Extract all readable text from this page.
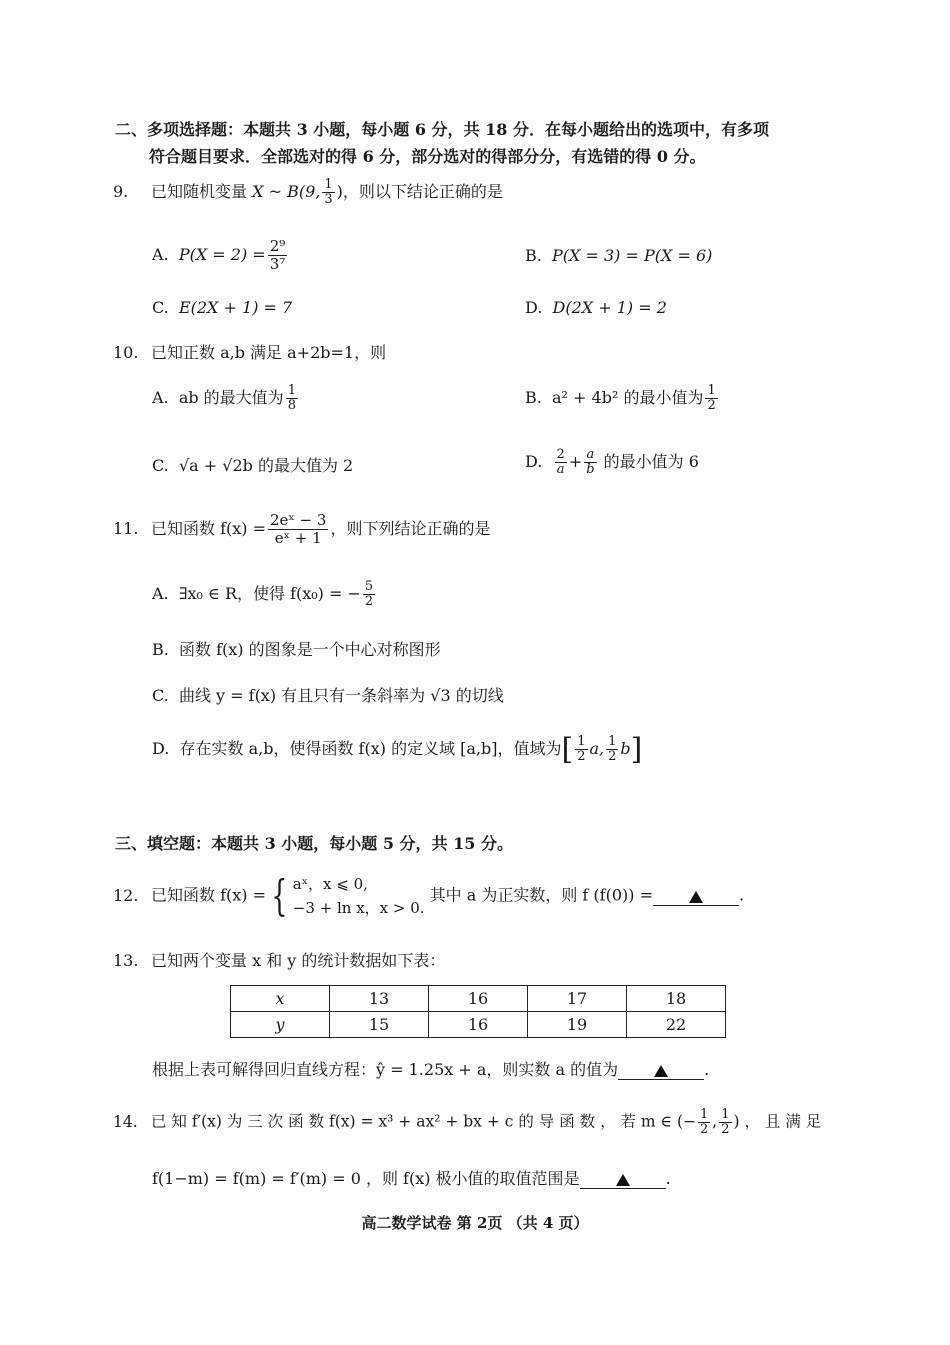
二、多项选择题：本题共 3 小题，每小题 6 分，共 18 分．在每小题给出的选项中，有多项
符合题目要求．全部选对的得 6 分，部分选对的得部分分，有选错的得 0 分。
9. 已知随机变量 X ~ B(9, $\frac{1}{3}$ )，则以下结论正确的是
A. $P(X = 2) = \frac{\text{2⁹}}{\text{3⁷}}$	B. P(X = 3) = P(X = 6)
C. E(2X + 1) = 7	D. D(2X + 1) = 2
10. 已知正数 a,b 满足 a+2b=1，则
A. ab 的最大值为 $\frac{1}{8}$	B. a² + 4b² 的最小值为 $\frac{1}{2}$
C. √a + √2b 的最大值为 2	D. $\frac{2}{a} + \frac{a}{b}$ 的最小值为 6
11. 已知函数 $f(x) = \frac{\text{2eˣ − 3}}{\text{eˣ + 1}}$ ，则下列结论正确的是
A. ∃x₀ ∈ R，使得 f(x₀) = − $\frac{5}{2}$
B. 函数 f(x) 的图象是一个中心对称图形
C. 曲线 y = f(x) 有且只有一条斜率为 √3 的切线
D. 存在实数 a,b，使得函数 f(x) 的定义域 [a,b]，值域为[ $\frac{1}{2} a$, $\frac{1}{2} b$]
三、填空题：本题共 3 小题，每小题 5 分，共 15 分。
12. 已知函数 f(x) = { aˣ，x ⩽ 0,
−3 + ln x，x > 0.
其中 a 为正实数，则 f (f(0)) =	.
13. 已知两个变量 x 和 y 的统计数据如下表：
x	13	16	17	18
y	15	16	19	22
根据上表可解得回归直线方程：ŷ = 1.25x + a，则实数 a 的值为	.
14. 已 知 f′(x) 为 三 次 函 数 f(x) = x³ + ax² + bx + c 的 导 函 数 ， 若 m ∈ (− $\frac{1}{2}$ , $\frac{1}{2}$ ) ， 且 满 足
f(1−m) = f(m) = f′(m) = 0 ，则 f(x) 极小值的取值范围是	.
高二数学试卷 第 2页 （共 4 页）
